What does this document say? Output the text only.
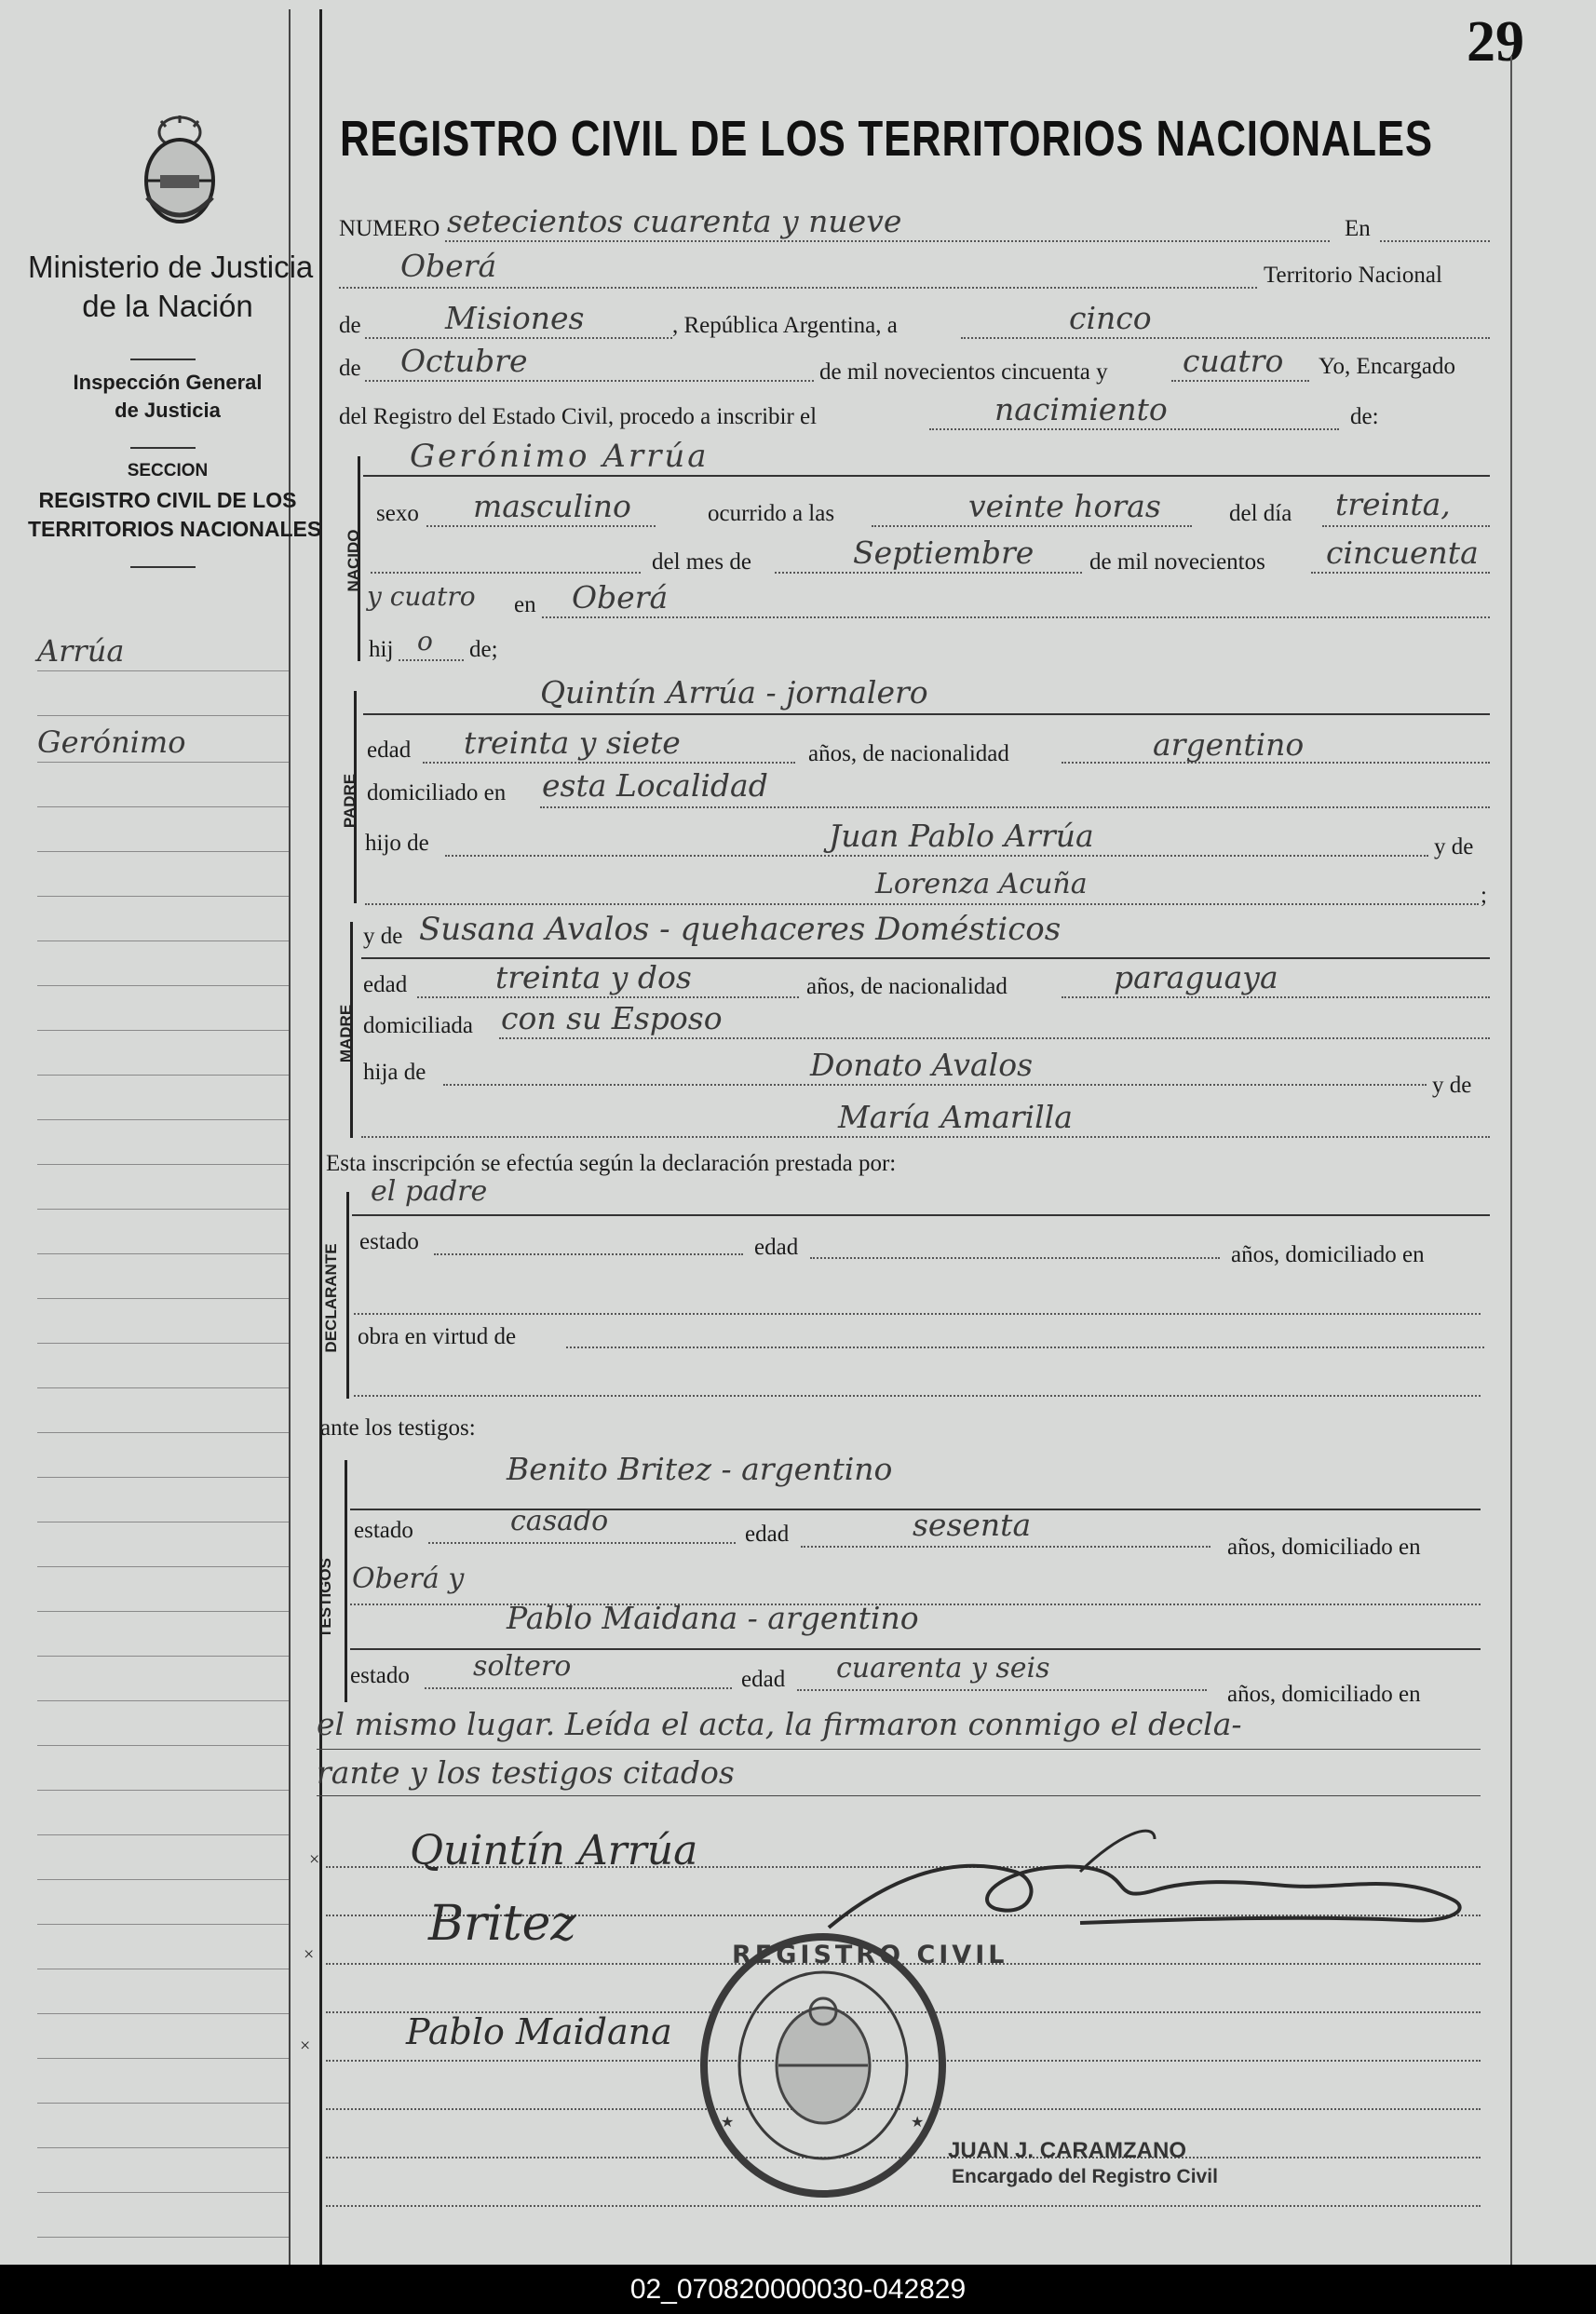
29
Ministerio de Justicia
de la Nación
Inspección General
de Justicia
SECCION
REGISTRO CIVIL DE LOS
TERRITORIOS NACIONALES
Arrúa
Gerónimo
REGISTRO CIVIL DE LOS TERRITORIOS NACIONALES
NUMERO setecientos cuarenta y nueve	En
Oberá	Territorio Nacional
de	Misiones	, República Argentina, a	cinco
de Octubre	de mil novecientos cincuenta y cuatro Yo, Encargado
del Registro del Estado Civil, procedo a inscribir el	nacimiento	de:
NACIDO
Gerónimo Arrúa
sexo masculino	ocurrido a las	veinte horas	del día treinta,
del mes de	Septiembre de mil novecientos cincuenta
y cuatro en Oberá
hij o de;
PADRE
Quintín Arrúa - jornalero
edad treinta y siete	años, de nacionalidad	argentino
domiciliado en esta Localidad
hijo de	Juan Pablo Arrúa	y de
Lorenza Acuña	;
MADRE
y de Susana Avalos - quehaceres Domésticos
edad	treinta y dos	años, de nacionalidad	paraguaya
domiciliada con su Esposo
hija de	Donato Avalos
y de
María Amarilla
Esta inscripción se efectúa según la declaración prestada por:
el padre
DECLARANTE
estado	edad	años, domiciliado en
obra en virtud de
ante los testigos:
TESTIGOS
Benito Britez - argentino
estado	casado	edad	sesenta
años, domiciliado en
Oberá y
Pablo Maidana - argentino
estado soltero	edad cuarenta y seis
años, domiciliado en
el mismo lugar. Leída el acta, la firmaron conmigo el decla-
rante y los testigos citados
Quintín Arrúa
Britez
Pablo Maidana
★	★
REGISTRO CIVIL
JUAN J. CARAMZANO
Encargado del Registro Civil
×
×
×
02_070820000030-042829
